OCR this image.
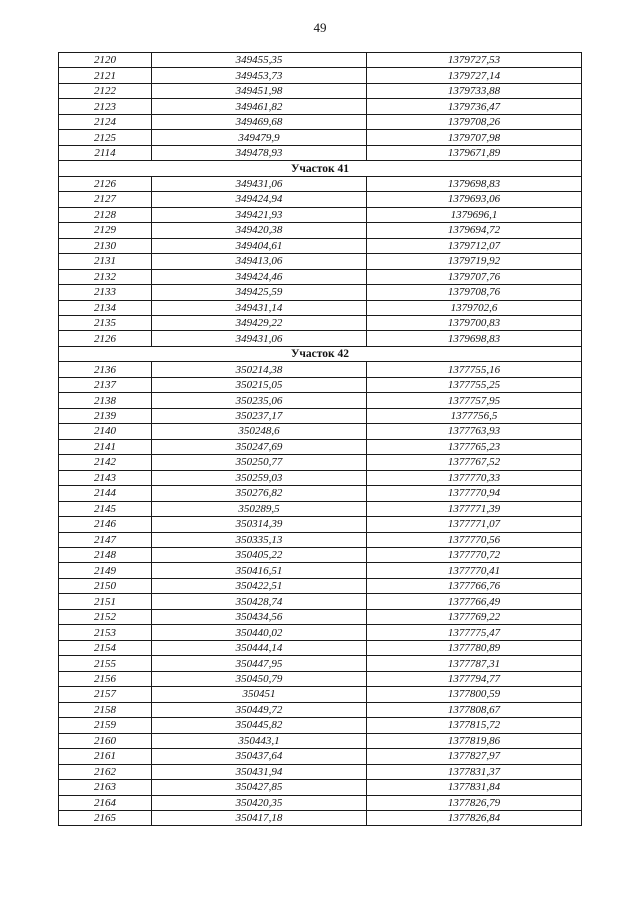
49
2120	349455,35	1379727,53
2121	349453,73	1379727,14
2122	349451,98	1379733,88
2123	349461,82	1379736,47
2124	349469,68	1379708,26
2125	349479,9	1379707,98
2114	349478,93	1379671,89
Участок 41		
2126	349431,06	1379698,83
2127	349424,94	1379693,06
2128	349421,93	1379696,1
2129	349420,38	1379694,72
2130	349404,61	1379712,07
2131	349413,06	1379719,92
2132	349424,46	1379707,76
2133	349425,59	1379708,76
2134	349431,14	1379702,6
2135	349429,22	1379700,83
2126	349431,06	1379698,83
Участок 42		
2136	350214,38	1377755,16
2137	350215,05	1377755,25
2138	350235,06	1377757,95
2139	350237,17	1377756,5
2140	350248,6	1377763,93
2141	350247,69	1377765,23
2142	350250,77	1377767,52
2143	350259,03	1377770,33
2144	350276,82	1377770,94
2145	350289,5	1377771,39
2146	350314,39	1377771,07
2147	350335,13	1377770,56
2148	350405,22	1377770,72
2149	350416,51	1377770,41
2150	350422,51	1377766,76
2151	350428,74	1377766,49
2152	350434,56	1377769,22
2153	350440,02	1377775,47
2154	350444,14	1377780,89
2155	350447,95	1377787,31
2156	350450,79	1377794,77
2157	350451	1377800,59
2158	350449,72	1377808,67
2159	350445,82	1377815,72
2160	350443,1	1377819,86
2161	350437,64	1377827,97
2162	350431,94	1377831,37
2163	350427,85	1377831,84
2164	350420,35	1377826,79
2165	350417,18	1377826,84
